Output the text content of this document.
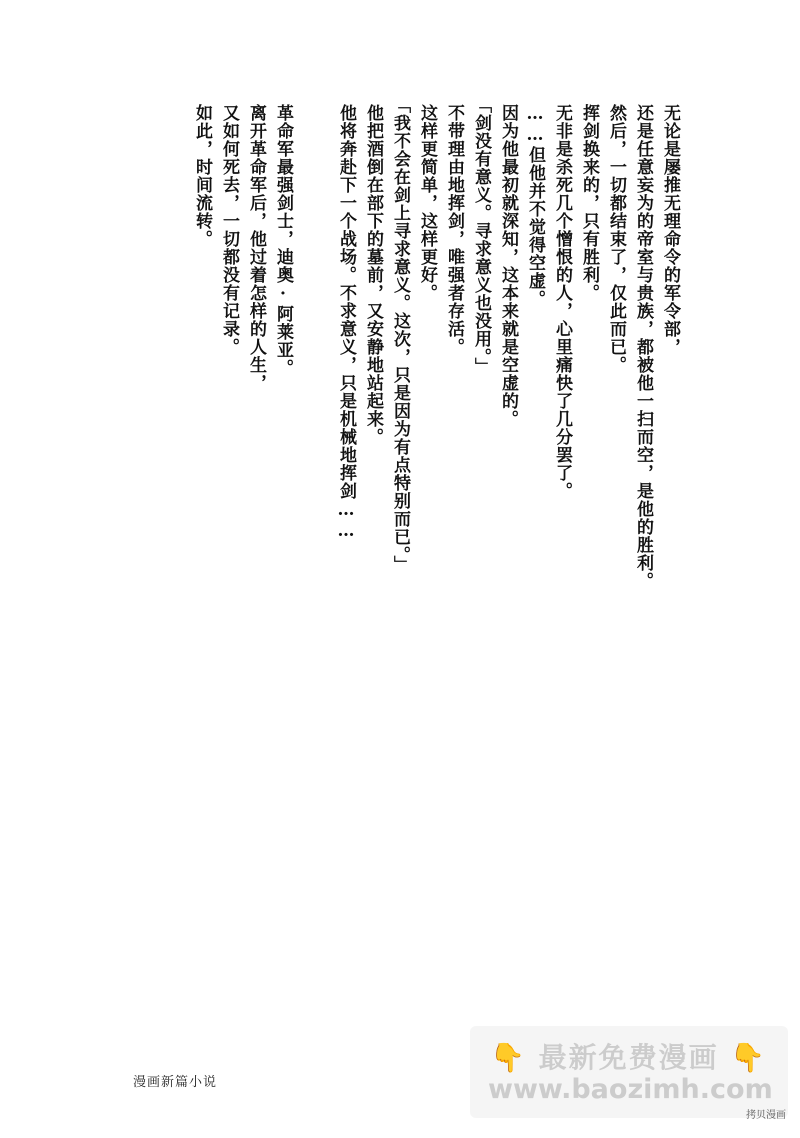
无论是屡推无理命令的军令部，
还是任意妄为的帝室与贵族，都被他一扫而空，是他的胜利。
然后，一切都结束了，仅此而已。
挥剑换来的，只有胜利。
无非是杀死几个憎恨的人，心里痛快了几分罢了。
……但他并不觉得空虚。
因为他最初就深知，这本来就是空虚的。
「剑没有意义。寻求意义也没用。」
不带理由地挥剑，唯强者存活。
这样更简单，这样更好。
「我不会在剑上寻求意义。这次，只是因为有点特别而已。」
他把酒倒在部下的墓前，又安静地站起来。
他将奔赴下一个战场。不求意义，只是机械地挥剑……
革命军最强剑士，迪奥·阿莱亚。
离开革命军后，他过着怎样的人生，
又如何死去，一切都没有记录。
如此，时间流转。
漫画新篇小说
👇 最新免费漫画 👇
www.baozimh.com
拷贝漫画
